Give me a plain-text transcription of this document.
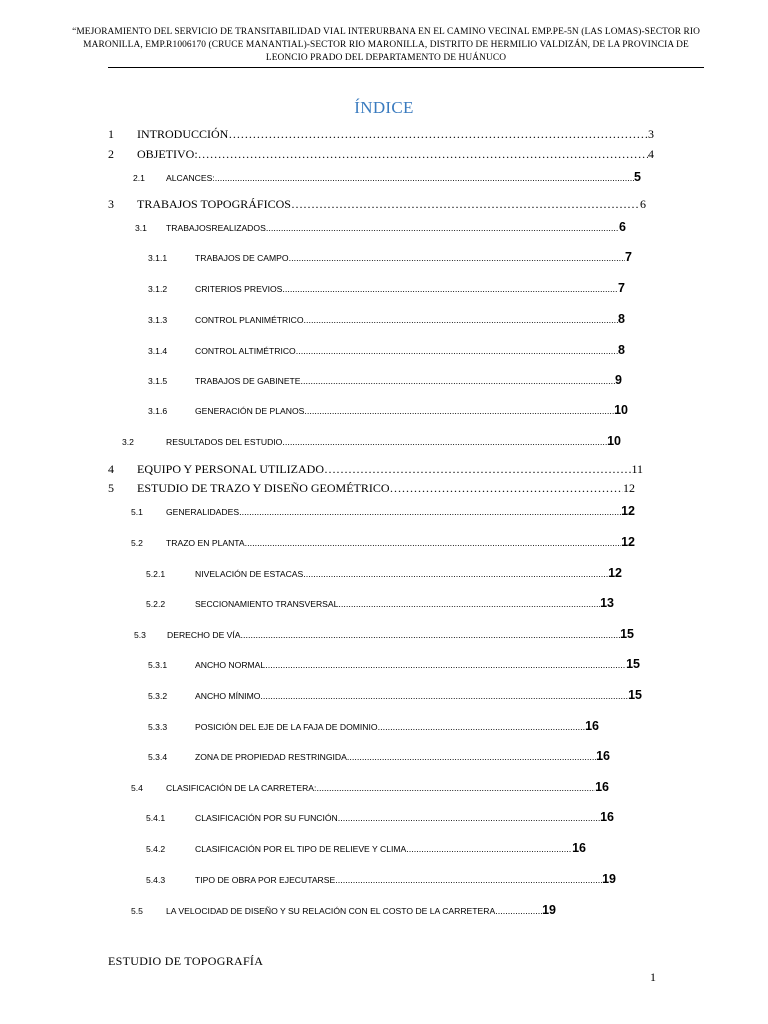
“MEJORAMIENTO DEL SERVICIO DE TRANSITABILIDAD VIAL INTERURBANA EN EL CAMINO VECINAL EMP.PE-5N (LAS LOMAS)-SECTOR RIO
MARONILLA, EMP.R1006170 (CRUCE MANANTIAL)-SECTOR RIO MARONILLA, DISTRITO DE HERMILIO VALDIZÁN, DE LA PROVINCIA DE
LEONCIO PRADO DEL DEPARTAMENTO DE HUÁNUCO
ÍNDICE
1	INTRODUCCIÓN …………………………………………………………………………………………………………………………………………………………………………………	3
2	OBJETIVO: …………………………………………………………………………………………………………………………………………………………………………………	4
2.1	ALCANCES: .....	5
3	TRABAJOS TOPOGRÁFICOS …………………………………………………………………………………………………………………………………………………………………………………	6
3.1	TRABAJOSREALIZADOS .....	6
3.1.1	TRABAJOS DE CAMPO .....	7
3.1.2	CRITERIOS PREVIOS .....	7
3.1.3	CONTROL PLANIMÉTRICO .....	8
3.1.4	CONTROL ALTIMÉTRICO .....	8
3.1.5	TRABAJOS DE GABINETE .....	9
3.1.6	GENERACIÓN DE PLANOS .....	10
3.2	RESULTADOS DEL ESTUDIO .....	10
4	EQUIPO Y PERSONAL UTILIZADO …………………………………………………………………………………………………………………………………………………………………………………	11
5	ESTUDIO DE TRAZO Y DISEÑO GEOMÉTRICO …………………………………………………………………………………………………………………………………………………………………………………	12
5.1	GENERALIDADES .....	12
5.2	TRAZO EN PLANTA .....	12
5.2.1	NIVELACIÓN DE ESTACAS .....	12
5.2.2	SECCIONAMIENTO TRANSVERSAL .....	13
5.3	DERECHO DE VÍA .....	15
5.3.1	ANCHO NORMAL .....	15
5.3.2	ANCHO MÍNIMO .....	15
5.3.3	POSICIÓN DEL EJE DE LA FAJA DE DOMINIO .....	16
5.3.4	ZONA DE PROPIEDAD RESTRINGIDA .....	16
5.4	CLASIFICACIÓN DE LA CARRETERA: .....	16
5.4.1	CLASIFICACIÓN POR SU FUNCIÓN .....	16
5.4.2	CLASIFICACIÓN POR EL TIPO DE RELIEVE Y CLIMA .....	16
5.4.3	TIPO DE OBRA POR EJECUTARSE .....	19
5.5	LA VELOCIDAD DE DISEÑO Y SU RELACIÓN CON EL COSTO DE LA CARRETERA .....	19
ESTUDIO DE TOPOGRAFÍA
1
